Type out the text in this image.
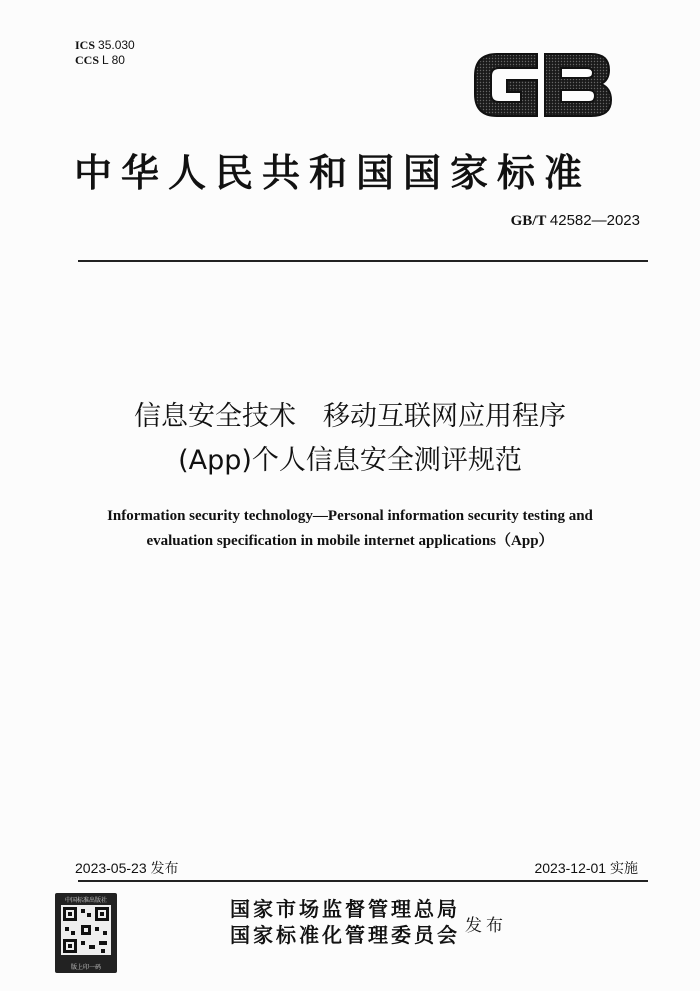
ICS 35.030
CCS L 80
中华人民共和国国家标准
GB/T 42582—2023
信息安全技术　移动互联网应用程序
(App)个人信息安全测评规范
Information security technology—Personal information security testing and
evaluation specification in mobile internet applications（App）
2023-05-23 发布	2023-12-01 实施
中国标准出版社
版上印一码
国家市场监督管理总局
国家标准化管理委员会 发布
